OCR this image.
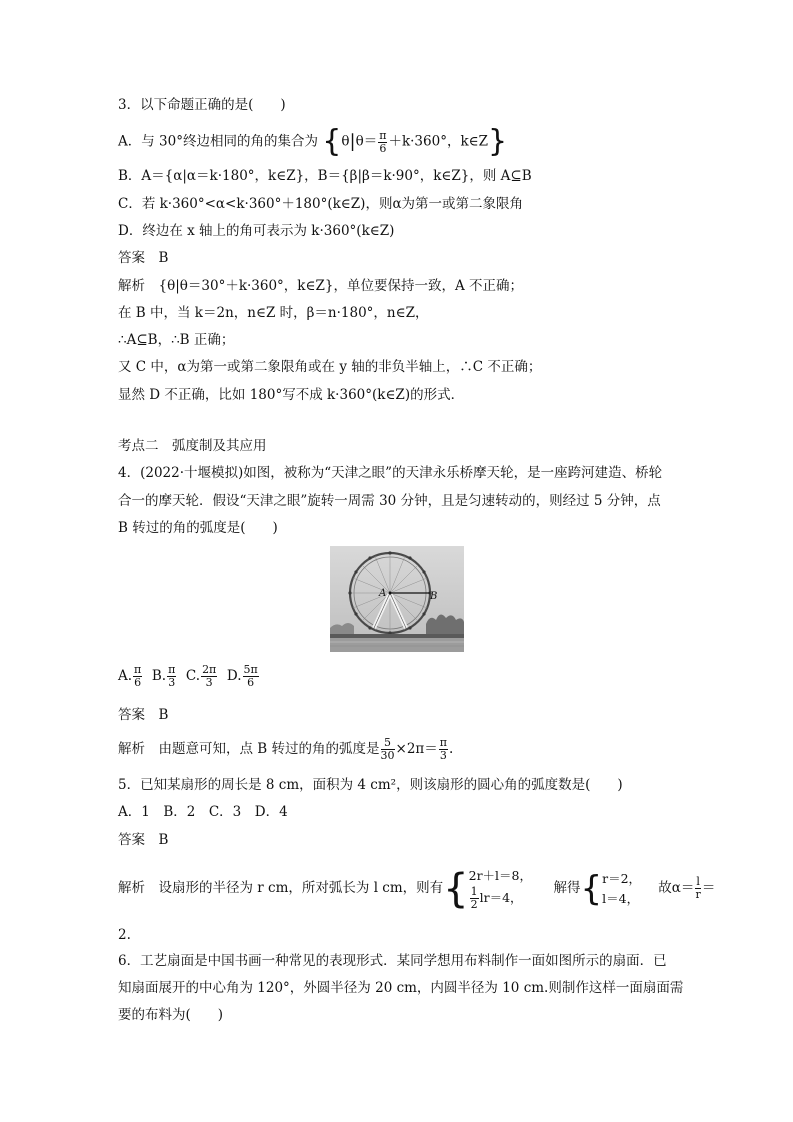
3．以下命题正确的是(　　)
A．与 30°终边相同的角的集合为 {$\theta|\theta= \frac{\pi}{6} +k\cdot 360^\circ$，k∈Z}
B．A＝{α|α＝k·180°，k∈Z}，B＝{β|β＝k·90°，k∈Z}，则 A⊆B
C．若 k·360°<α<k·360°＋180°(k∈Z)，则α为第一或第二象限角
D．终边在 x 轴上的角可表示为 k·360°(k∈Z)
答案　B
解析　{θ|θ＝30°＋k·360°，k∈Z}，单位要保持一致，A 不正确；
在 B 中，当 k＝2n，n∈Z 时，β＝n·180°，n∈Z，
∴A⊆B，∴B 正确；
又 C 中，α为第一或第二象限角或在 y 轴的非负半轴上，∴C 不正确；
显然 D 不正确，比如 180°写不成 k·360°(k∈Z)的形式．
考点二　弧度制及其应用
4．(2022·十堰模拟)如图，被称为“天津之眼”的天津永乐桥摩天轮，是一座跨河建造、桥轮
合一的摩天轮．假设“天津之眼”旋转一周需 30 分钟，且是匀速转动的，则经过 5 分钟，点
B 转过的角的弧度是(　　)
A	B
A. $\frac{\pi}{6} B$. $\frac{\pi}{3} C$. $\frac{2\pi}{3} D$. $\frac{5\pi}{6}$
答案　B
解析　由题意可知，点 B 转过的角的弧度是 $\frac{5}{30} \times 2\pi= \frac{\pi}{3}$ .
5．已知某扇形的周长是 8 cm，面积为 4 cm²，则该扇形的圆心角的弧度数是(　　)
A．1　B．2　C．3　D．4
答案　B
解析　设扇形的半径为 r cm，所对弧长为 l cm，则有{ 2r＋l＝8，
$\frac{1}{2} lr=4$，
解得{ r＝2，
l＝4，
故$\alpha= \frac{l}{r}$ ＝
2.
6．工艺扇面是中国书画一种常见的表现形式．某同学想用布料制作一面如图所示的扇面．已
知扇面展开的中心角为 120°，外圆半径为 20 cm，内圆半径为 10 cm.则制作这样一面扇面需
要的布料为(　　)
